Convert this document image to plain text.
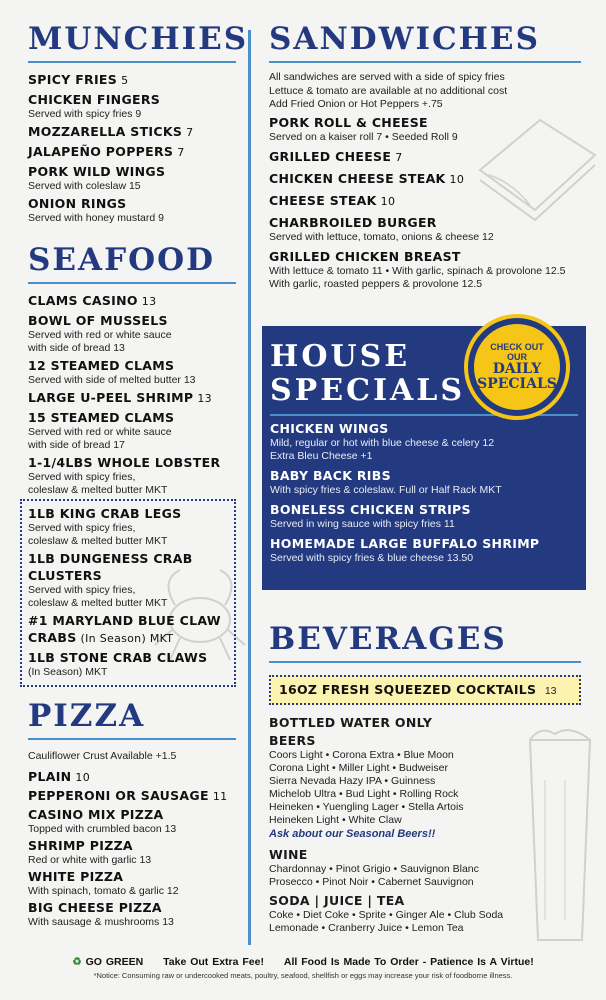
MUNCHIES
SPICY FRIES 5
CHICKEN FINGERS
Served with spicy fries 9
MOZZARELLA STICKS 7
JALAPEÑO POPPERS 7
PORK WILD WINGS
Served with coleslaw 15
ONION RINGS
Served with honey mustard 9
SEAFOOD
CLAMS CASINO 13
BOWL OF MUSSELS
Served with red or white sauce
with side of bread 13
12 STEAMED CLAMS
Served with side of melted butter 13
LARGE U-PEEL SHRIMP 13
15 STEAMED CLAMS
Served with red or white sauce
with side of bread 17
1-1/4LBS WHOLE LOBSTER
Served with spicy fries,
coleslaw & melted butter MKT
1LB KING CRAB LEGS
Served with spicy fries,
coleslaw & melted butter MKT
1LB DUNGENESS CRAB
CLUSTERS
Served with spicy fries,
coleslaw & melted butter MKT
#1 MARYLAND BLUE CLAW
CRABS (In Season) MKT
1LB STONE CRAB CLAWS
(In Season) MKT
PIZZA
Cauliflower Crust Available +1.5
PLAIN 10
PEPPERONI OR SAUSAGE 11
CASINO MIX PIZZA
Topped with crumbled bacon 13
SHRIMP PIZZA
Red or white with garlic 13
WHITE PIZZA
With spinach, tomato & garlic 12
BIG CHEESE PIZZA
With sausage & mushrooms 13
SANDWICHES
All sandwiches are served with a side of spicy fries
Lettuce & tomato are available at no additional cost
Add Fried Onion or Hot Peppers +.75
PORK ROLL & CHEESE
Served on a kaiser roll 7 • Seeded Roll 9
GRILLED CHEESE 7
CHICKEN CHEESE STEAK 10
CHEESE STEAK 10
CHARBROILED BURGER
Served with lettuce, tomato, onions & cheese 12
GRILLED CHICKEN BREAST
With lettuce & tomato 11 • With garlic, spinach & provolone 12.5
With garlic, roasted peppers & provolone 12.5
HOUSE
SPECIALS
CHICKEN WINGS
Mild, regular or hot with blue cheese & celery 12
Extra Bleu Cheese +1
BABY BACK RIBS
With spicy fries & coleslaw. Full or Half Rack MKT
BONELESS CHICKEN STRIPS
Served in wing sauce with spicy fries 11
HOMEMADE LARGE BUFFALO SHRIMP
Served with spicy fries & blue cheese 13.50
CHECK OUT
OUR
DAILY
SPECIALS
BEVERAGES
16OZ FRESH SQUEEZED COCKTAILS 13
BOTTLED WATER ONLY
BEERS
Coors Light • Corona Extra • Blue Moon
Corona Light • Miller Light • Budweiser
Sierra Nevada Hazy IPA • Guinness
Michelob Ultra • Bud Light • Rolling Rock
Heineken • Yuengling Lager • Stella Artois
Heineken Light • White Claw
Ask about our Seasonal Beers!!
WINE
Chardonnay • Pinot Grigio • Sauvignon Blanc
Prosecco • Pinot Noir • Cabernet Sauvignon
SODA | JUICE | TEA
Coke • Diet Coke • Sprite • Ginger Ale • Club Soda
Lemonade • Cranberry Juice • Lemon Tea
♻ GO GREEN Take Out Extra Fee! All Food Is Made To Order - Patience Is A Virtue!
*Notice: Consuming raw or undercooked meats, poultry, seafood, shellfish or eggs may increase your risk of foodborne illness.
